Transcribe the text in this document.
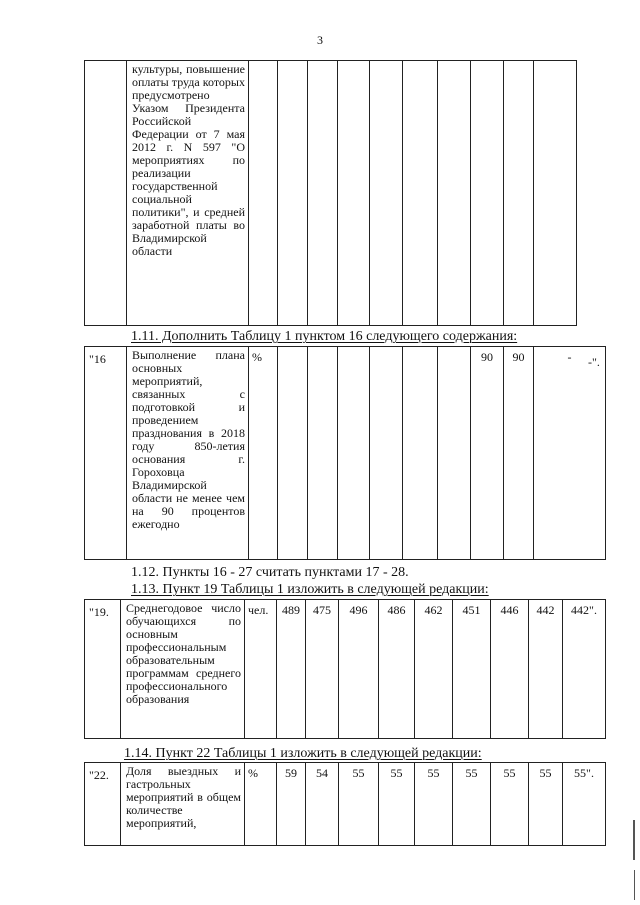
3
	культуры, повышение оплаты труда которых предусмотрено Указом Президента Российской Федерации от 7 мая 2012 г. N 597 "О мероприятиях по реализации государственной социальной политики", и средней заработной платы во Владимирской области										
1.11. Дополнить Таблицу 1 пунктом 16 следующего содержания:
"16	Выполнение плана основных мероприятий, связанных с подготовкой и проведением празднования в 2018 году 850-летия основания г. Гороховца Владимирской области не менее чем на 90 процентов ежегодно	%							90	90	- -".
1.12. Пункты 16 - 27 считать пунктами 17 - 28.
1.13. Пункт 19 Таблицы 1 изложить в следующей редакции:
"19.	Среднегодовое число обучающихся по основным профессиональным образовательным программам среднего профессионального образования	чел.	489	475	496	486	462	451	446	442	442".
1.14. Пункт 22 Таблицы 1 изложить в следующей редакции:
"22.	Доля выездных и гастрольных мероприятий в общем количестве мероприятий,	%	59	54	55	55	55	55	55	55	55".
